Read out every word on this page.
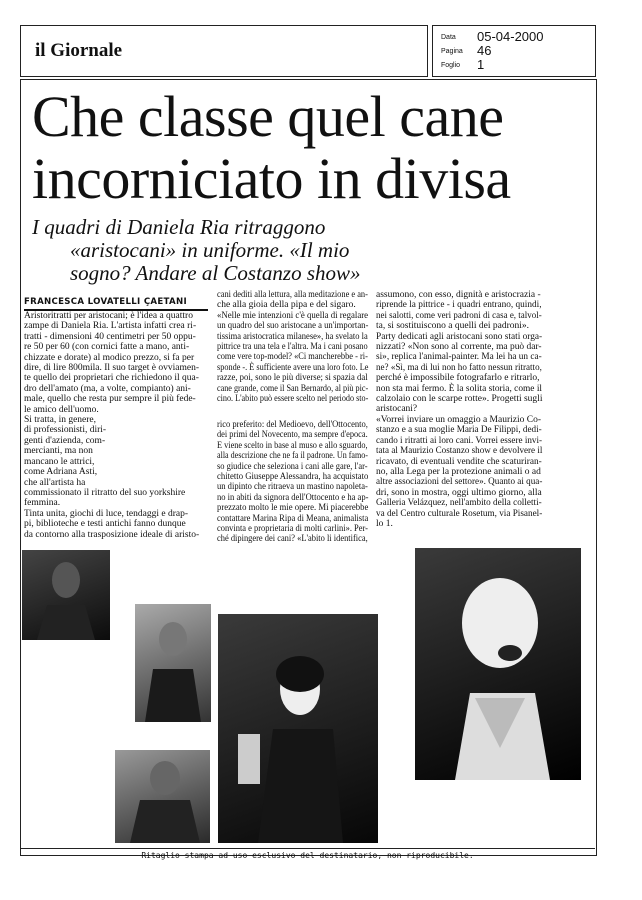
il Giornale
Data 05-04-2000
Pagina 46
Foglio 1
Che classe quel cane
incorniciato in divisa
I quadri di Daniela Ria ritraggono
«aristocani» in uniforme. «Il mio
sogno? Andare al Costanzo show»
FRANCESCA LOVATELLI ÇAETANI
Aristoritratti per aristocani; è l'idea a quattro
zampe di Daniela Ria. L'artista infatti crea ri-
tratti - dimensioni 40 centimetri per 50 oppu-
re 50 per 60 (con cornici fatte a mano, anti-
chizzate e dorate) al modico prezzo, si fa per
dire, di lire 800mila. Il suo target è ovviamen-
te quello dei proprietari che richiedono il qua-
dro dell'amato (ma, a volte, compianto) ani-
male, quello che resta pur sempre il più fede-
le amico dell'uomo.
Si tratta, in genere,
di professionisti, diri-
genti d'azienda, com-
mercianti, ma non
mancano le attrici,
come Adriana Asti,
che all'artista ha
commissionato il ritratto del suo yorkshire
femmina.
Tinta unita, giochi di luce, tendaggi e drap-
pi, biblioteche e testi antichi fanno dunque
da contorno alla trasposizione ideale di aristo-
cani dediti alla lettura, alla meditazione e an-
che alla gioia della pipa e del sigaro.
«Nelle mie intenzioni c'è quella di regalare
un quadro del suo aristocane a un'importan-
tissima aristocratica milanese», ha svelato la
pittrice tra una tela e l'altra. Ma i cani posano
come vere top-model? «Ci mancherebbe - ri-
sponde -. È sufficiente avere una loro foto. Le
razze, poi, sono le più diverse; si spazia dal
cane grande, come il San Bernardo, al più pic-
cino. L'abito può essere scelto nel periodo sto-
rico preferito: del Medioevo, dell'Ottocento,
dei primi del Novecento, ma sempre d'epoca.
E viene scelto in base al muso e allo sguardo,
alla descrizione che ne fa il padrone. Un famo-
so giudice che seleziona i cani alle gare, l'ar-
chitetto Giuseppe Alessandra, ha acquistato
un dipinto che ritraeva un mastino napoleta-
no in abiti da signora dell'Ottocento e ha ap-
prezzato molto le mie opere. Mi piacerebbe
contattare Marina Ripa di Meana, animalista
convinta e proprietaria di molti carlini». Per-
ché dipingere dei cani? «L'abito li identifica,
assumono, con esso, dignità e aristocrazia -
riprende la pittrice - i quadri entrano, quindi,
nei salotti, come veri padroni di casa e, talvol-
ta, si sostituiscono a quelli dei padroni».
Party dedicati agli aristocani sono stati orga-
nizzati? «Non sono al corrente, ma può dar-
si», replica l'animal-painter. Ma lei ha un ca-
ne? «Sì, ma di lui non ho fatto nessun ritratto,
perché è impossibile fotografarlo e ritrarlo,
non sta mai fermo. È la solita storia, come il
calzolaio con le scarpe rotte». Progetti sugli
aristocani?
«Vorrei inviare un omaggio a Maurizio Co-
stanzo e a sua moglie Maria De Filippi, dedi-
cando i ritratti ai loro cani. Vorrei essere invi-
tata al Maurizio Costanzo show e devolvere il
ricavato, di eventuali vendite che scaturiran-
no, alla Lega per la protezione animali o ad
altre associazioni del settore». Quanto ai qua-
dri, sono in mostra, oggi ultimo giorno, alla
Galleria Velázquez, nell'ambito della colletti-
va del Centro culturale Rosetum, via Pisanel-
lo 1.
Ritaglio stampa ad uso esclusivo del destinatario, non riproducibile.
